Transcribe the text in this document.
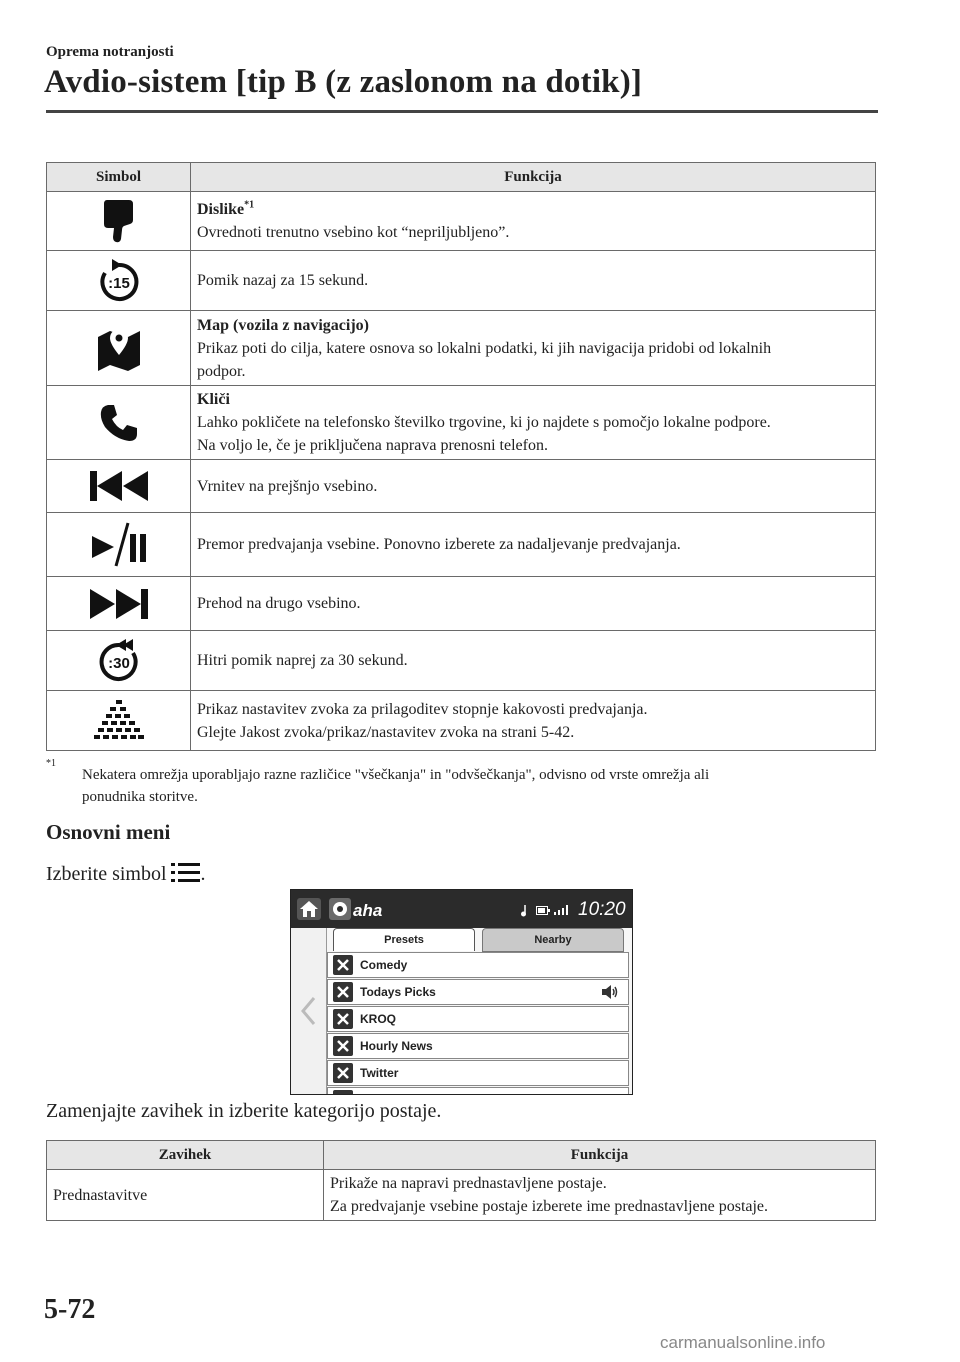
Oprema notranjosti
Avdio-sistem [tip B (z zaslonom na dotik)]
Simbol	Funkcija

Dislike$^{*1}$
Ovrednoti trenutno vsebino kot “nepriljubljeno”.

:15	Pomik nazaj za 15 sekund.

Map (vozila z navigacijo)
Prikaz poti do cilja, katere osnova so lokalni podatki, ki jih navigacija pridobi od lokalnih
podpor.

Kliči
Lahko pokličete na telefonsko številko trgovine, ki jo najdete s pomočjo lokalne podpore.
Na voljo le, če je priključena naprava prenosni telefon.

Vrnitev na prejšnjo vsebino.

Premor predvajanja vsebine. Ponovno izberete za nadaljevanje predvajanja.

Prehod na drugo vsebino.

:30	Hitri pomik naprej za 30 sekund.

Prikaz nastavitev zvoka za prilagoditev stopnje kakovosti predvajanja.
Glejte Jakost zvoka/prikaz/nastavitev zvoka na strani 5-42.
*1
Nekatera omrežja uporabljajo razne različice "všečkanja" in "odvšečkanja", odvisno od vrste omrežja ali
ponudnika storitve.
Osnovni meni
Izberite simbol .
aha	10:20
Presets	Nearby
Comedy
Todays Picks
KROQ
Hourly News
Twitter
Zamenjajte zavihek in izberite kategorijo postaje.
Zavihek	Funkcija
Prednastavitve	Prikaže na napravi prednastavljene postaje.
Za predvajanje vsebine postaje izberete ime prednastavljene postaje.
5-72
carmanualsonline.info
